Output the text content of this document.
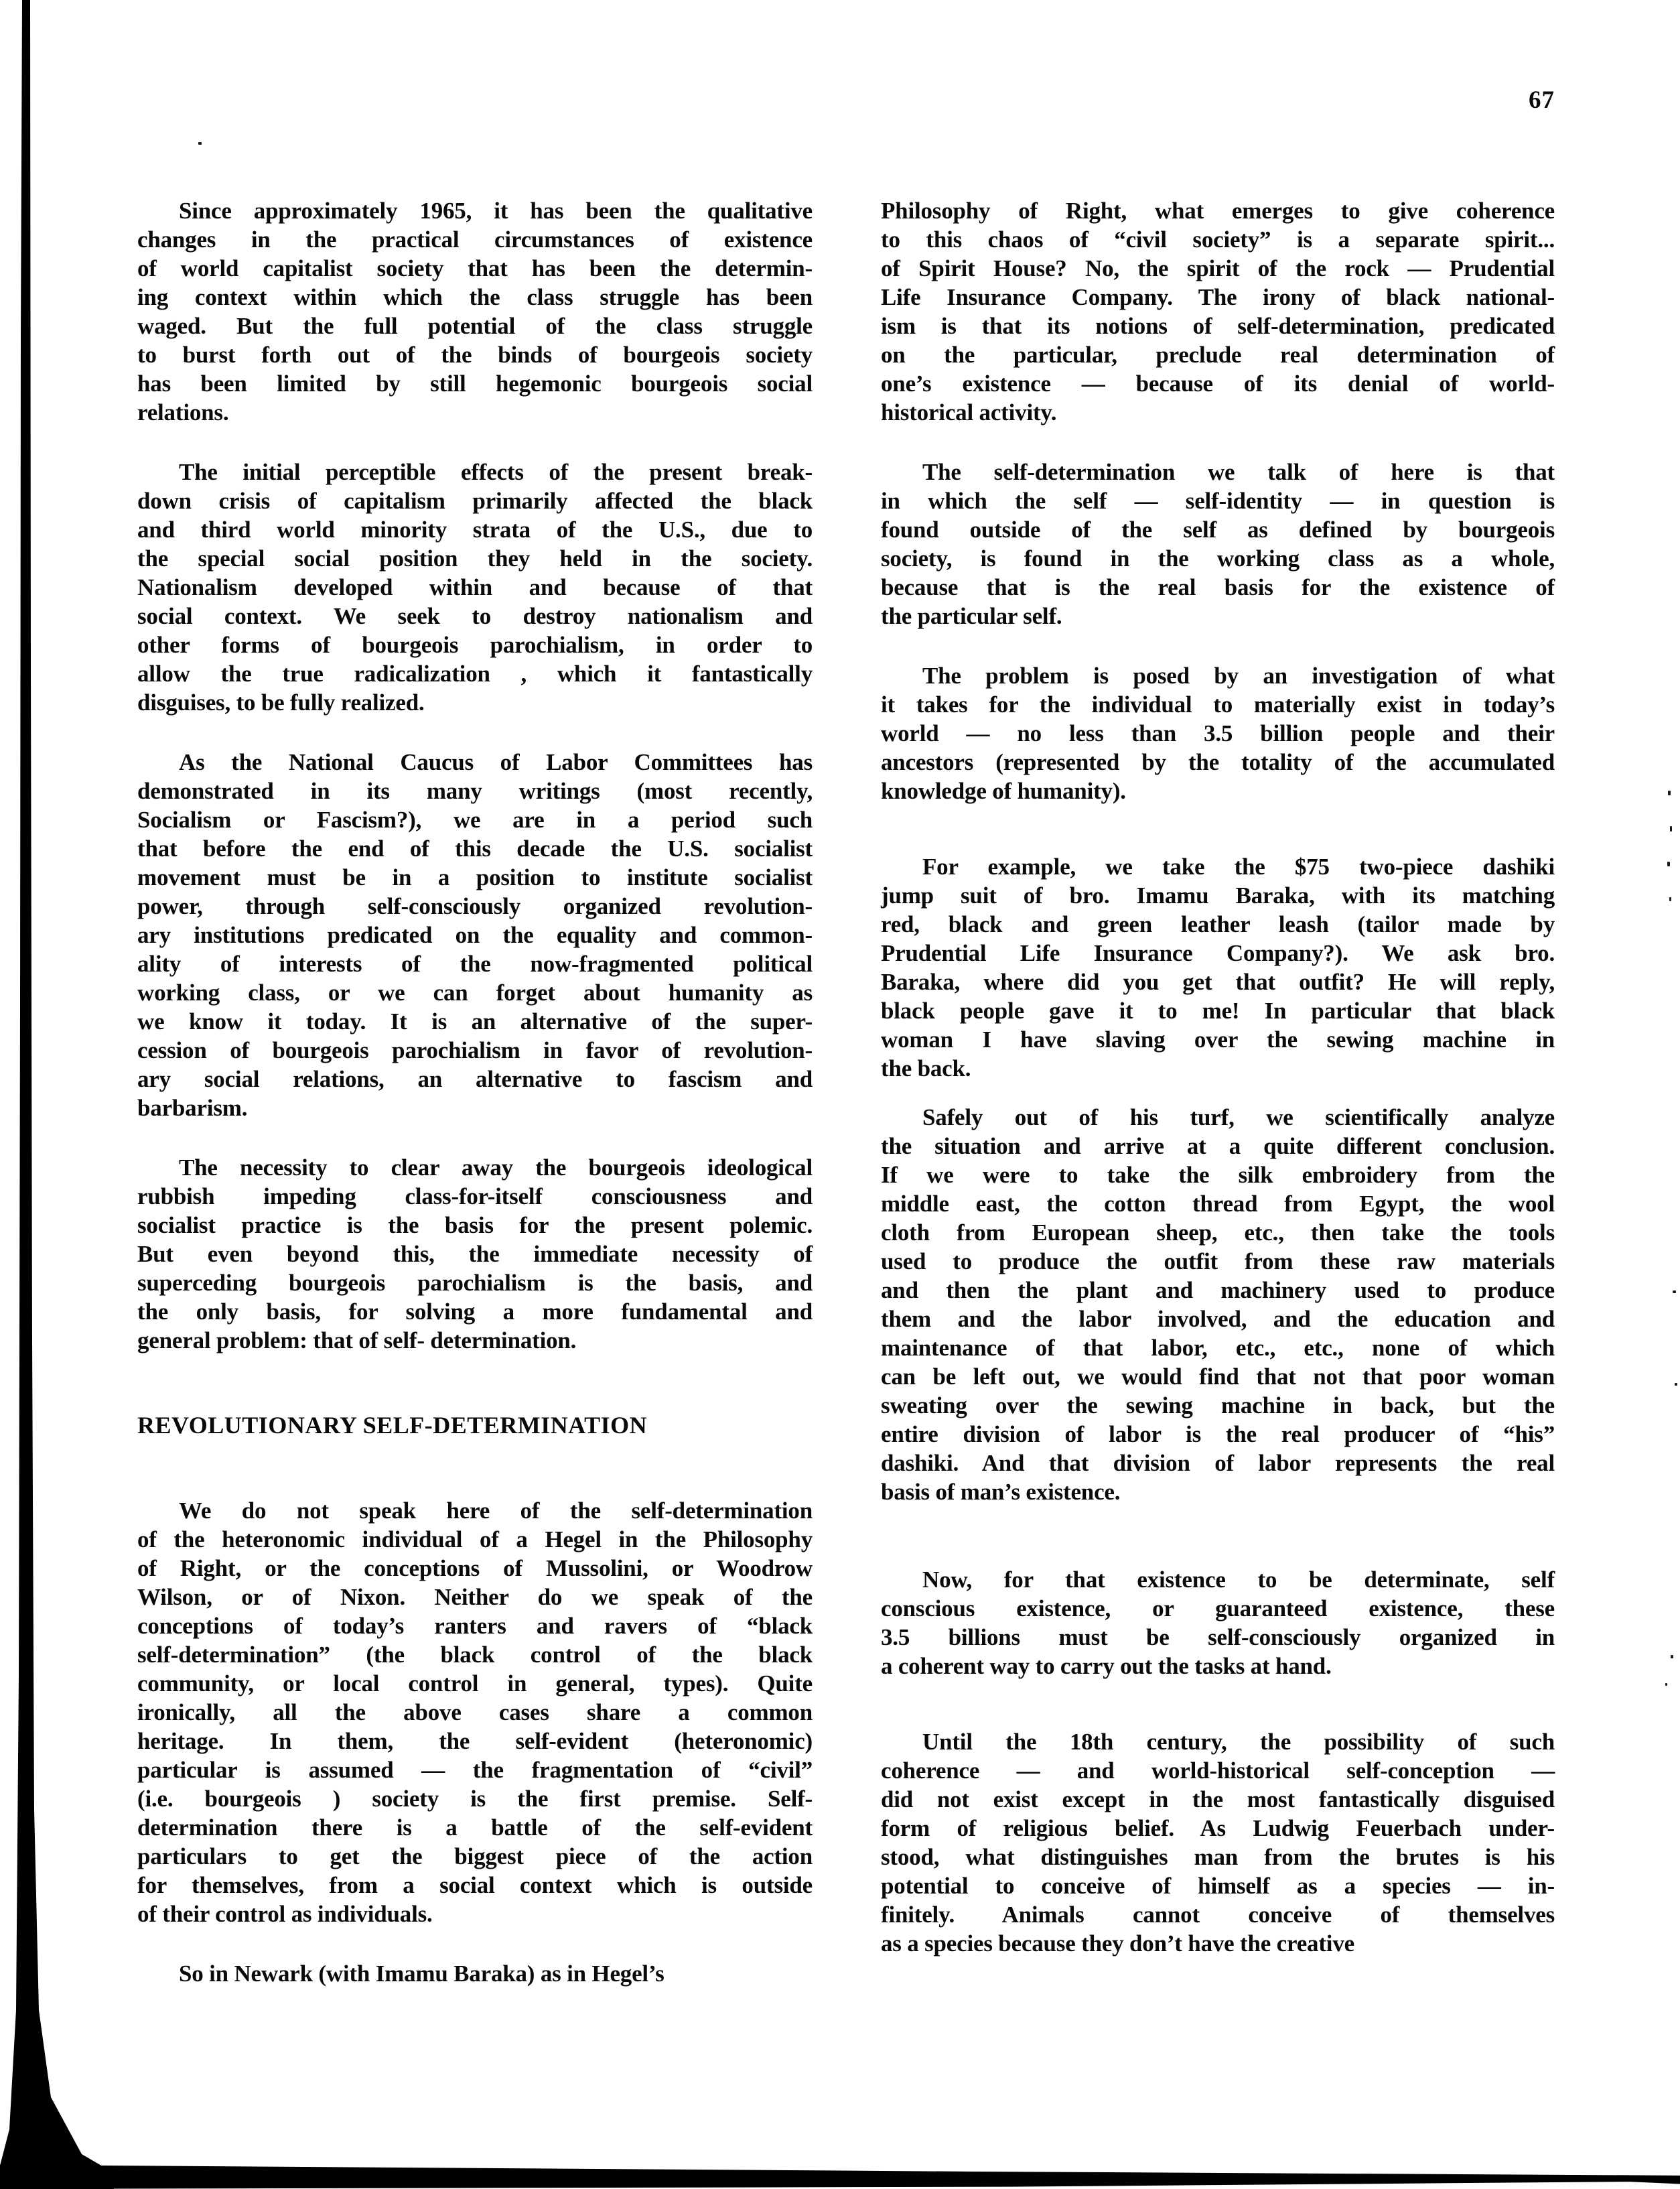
67
Since approximately 1965, it has been the qualitative
changes in the practical circumstances of existence
of world capitalist society that has been the determin-
ing context within which the class struggle has been
waged. But the full potential of the class struggle
to burst forth out of the binds of bourgeois society
has been limited by still hegemonic bourgeois social
relations.
The initial perceptible effects of the present break-
down crisis of capitalism primarily affected the black
and third world minority strata of the U.S., due to
the special social position they held in the society.
Nationalism developed within and because of that
social context. We seek to destroy nationalism and
other forms of bourgeois parochialism, in order to
allow the true radicalization , which it fantastically
disguises, to be fully realized.
As the National Caucus of Labor Committees has
demonstrated in its many writings (most recently,
Socialism or Fascism?), we are in a period such
that before the end of this decade the U.S. socialist
movement must be in a position to institute socialist
power, through self-consciously organized revolution-
ary institutions predicated on the equality and common-
ality of interests of the now-fragmented political
working class, or we can forget about humanity as
we know it today. It is an alternative of the super-
cession of bourgeois parochialism in favor of revolution-
ary social relations, an alternative to fascism and
barbarism.
The necessity to clear away the bourgeois ideological
rubbish impeding class-for-itself consciousness and
socialist practice is the basis for the present polemic.
But even beyond this, the immediate necessity of
superceding bourgeois parochialism is the basis, and
the only basis, for solving a more fundamental and
general problem: that of self- determination.
REVOLUTIONARY SELF-DETERMINATION
We do not speak here of the self-determination
of the heteronomic individual of a Hegel in the Philosophy
of Right, or the conceptions of Mussolini, or Woodrow
Wilson, or of Nixon. Neither do we speak of the
conceptions of today’s ranters and ravers of “black
self-determination” (the black control of the black
community, or local control in general, types). Quite
ironically, all the above cases share a common
heritage. In them, the self-evident (heteronomic)
particular is assumed — the fragmentation of “civil”
(i.e. bourgeois ) society is the first premise. Self-
determination there is a battle of the self-evident
particulars to get the biggest piece of the action
for themselves, from a social context which is outside
of their control as individuals.
So in Newark (with Imamu Baraka) as in Hegel’s
Philosophy of Right, what emerges to give coherence
to this chaos of “civil society” is a separate spirit...
of Spirit House? No, the spirit of the rock — Prudential
Life Insurance Company. The irony of black national-
ism is that its notions of self-determination, predicated
on the particular, preclude real determination of
one’s existence — because of its denial of world-
historical activity.
The self-determination we talk of here is that
in which the self — self-identity — in question is
found outside of the self as defined by bourgeois
society, is found in the working class as a whole,
because that is the real basis for the existence of
the particular self.
The problem is posed by an investigation of what
it takes for the individual to materially exist in today’s
world — no less than 3.5 billion people and their
ancestors (represented by the totality of the accumulated
knowledge of humanity).
For example, we take the $75 two-piece dashiki
jump suit of bro. Imamu Baraka, with its matching
red, black and green leather leash (tailor made by
Prudential Life Insurance Company?). We ask bro.
Baraka, where did you get that outfit? He will reply,
black people gave it to me! In particular that black
woman I have slaving over the sewing machine in
the back.
Safely out of his turf, we scientifically analyze
the situation and arrive at a quite different conclusion.
If we were to take the silk embroidery from the
middle east, the cotton thread from Egypt, the wool
cloth from European sheep, etc., then take the tools
used to produce the outfit from these raw materials
and then the plant and machinery used to produce
them and the labor involved, and the education and
maintenance of that labor, etc., etc., none of which
can be left out, we would find that not that poor woman
sweating over the sewing machine in back, but the
entire division of labor is the real producer of “his”
dashiki. And that division of labor represents the real
basis of man’s existence.
Now, for that existence to be determinate, self
conscious existence, or guaranteed existence, these
3.5 billions must be self-consciously organized in
a coherent way to carry out the tasks at hand.
Until the 18th century, the possibility of such
coherence — and world-historical self-conception —
did not exist except in the most fantastically disguised
form of religious belief. As Ludwig Feuerbach under-
stood, what distinguishes man from the brutes is his
potential to conceive of himself as a species — in-
finitely. Animals cannot conceive of themselves
as a species because they don’t have the creative
